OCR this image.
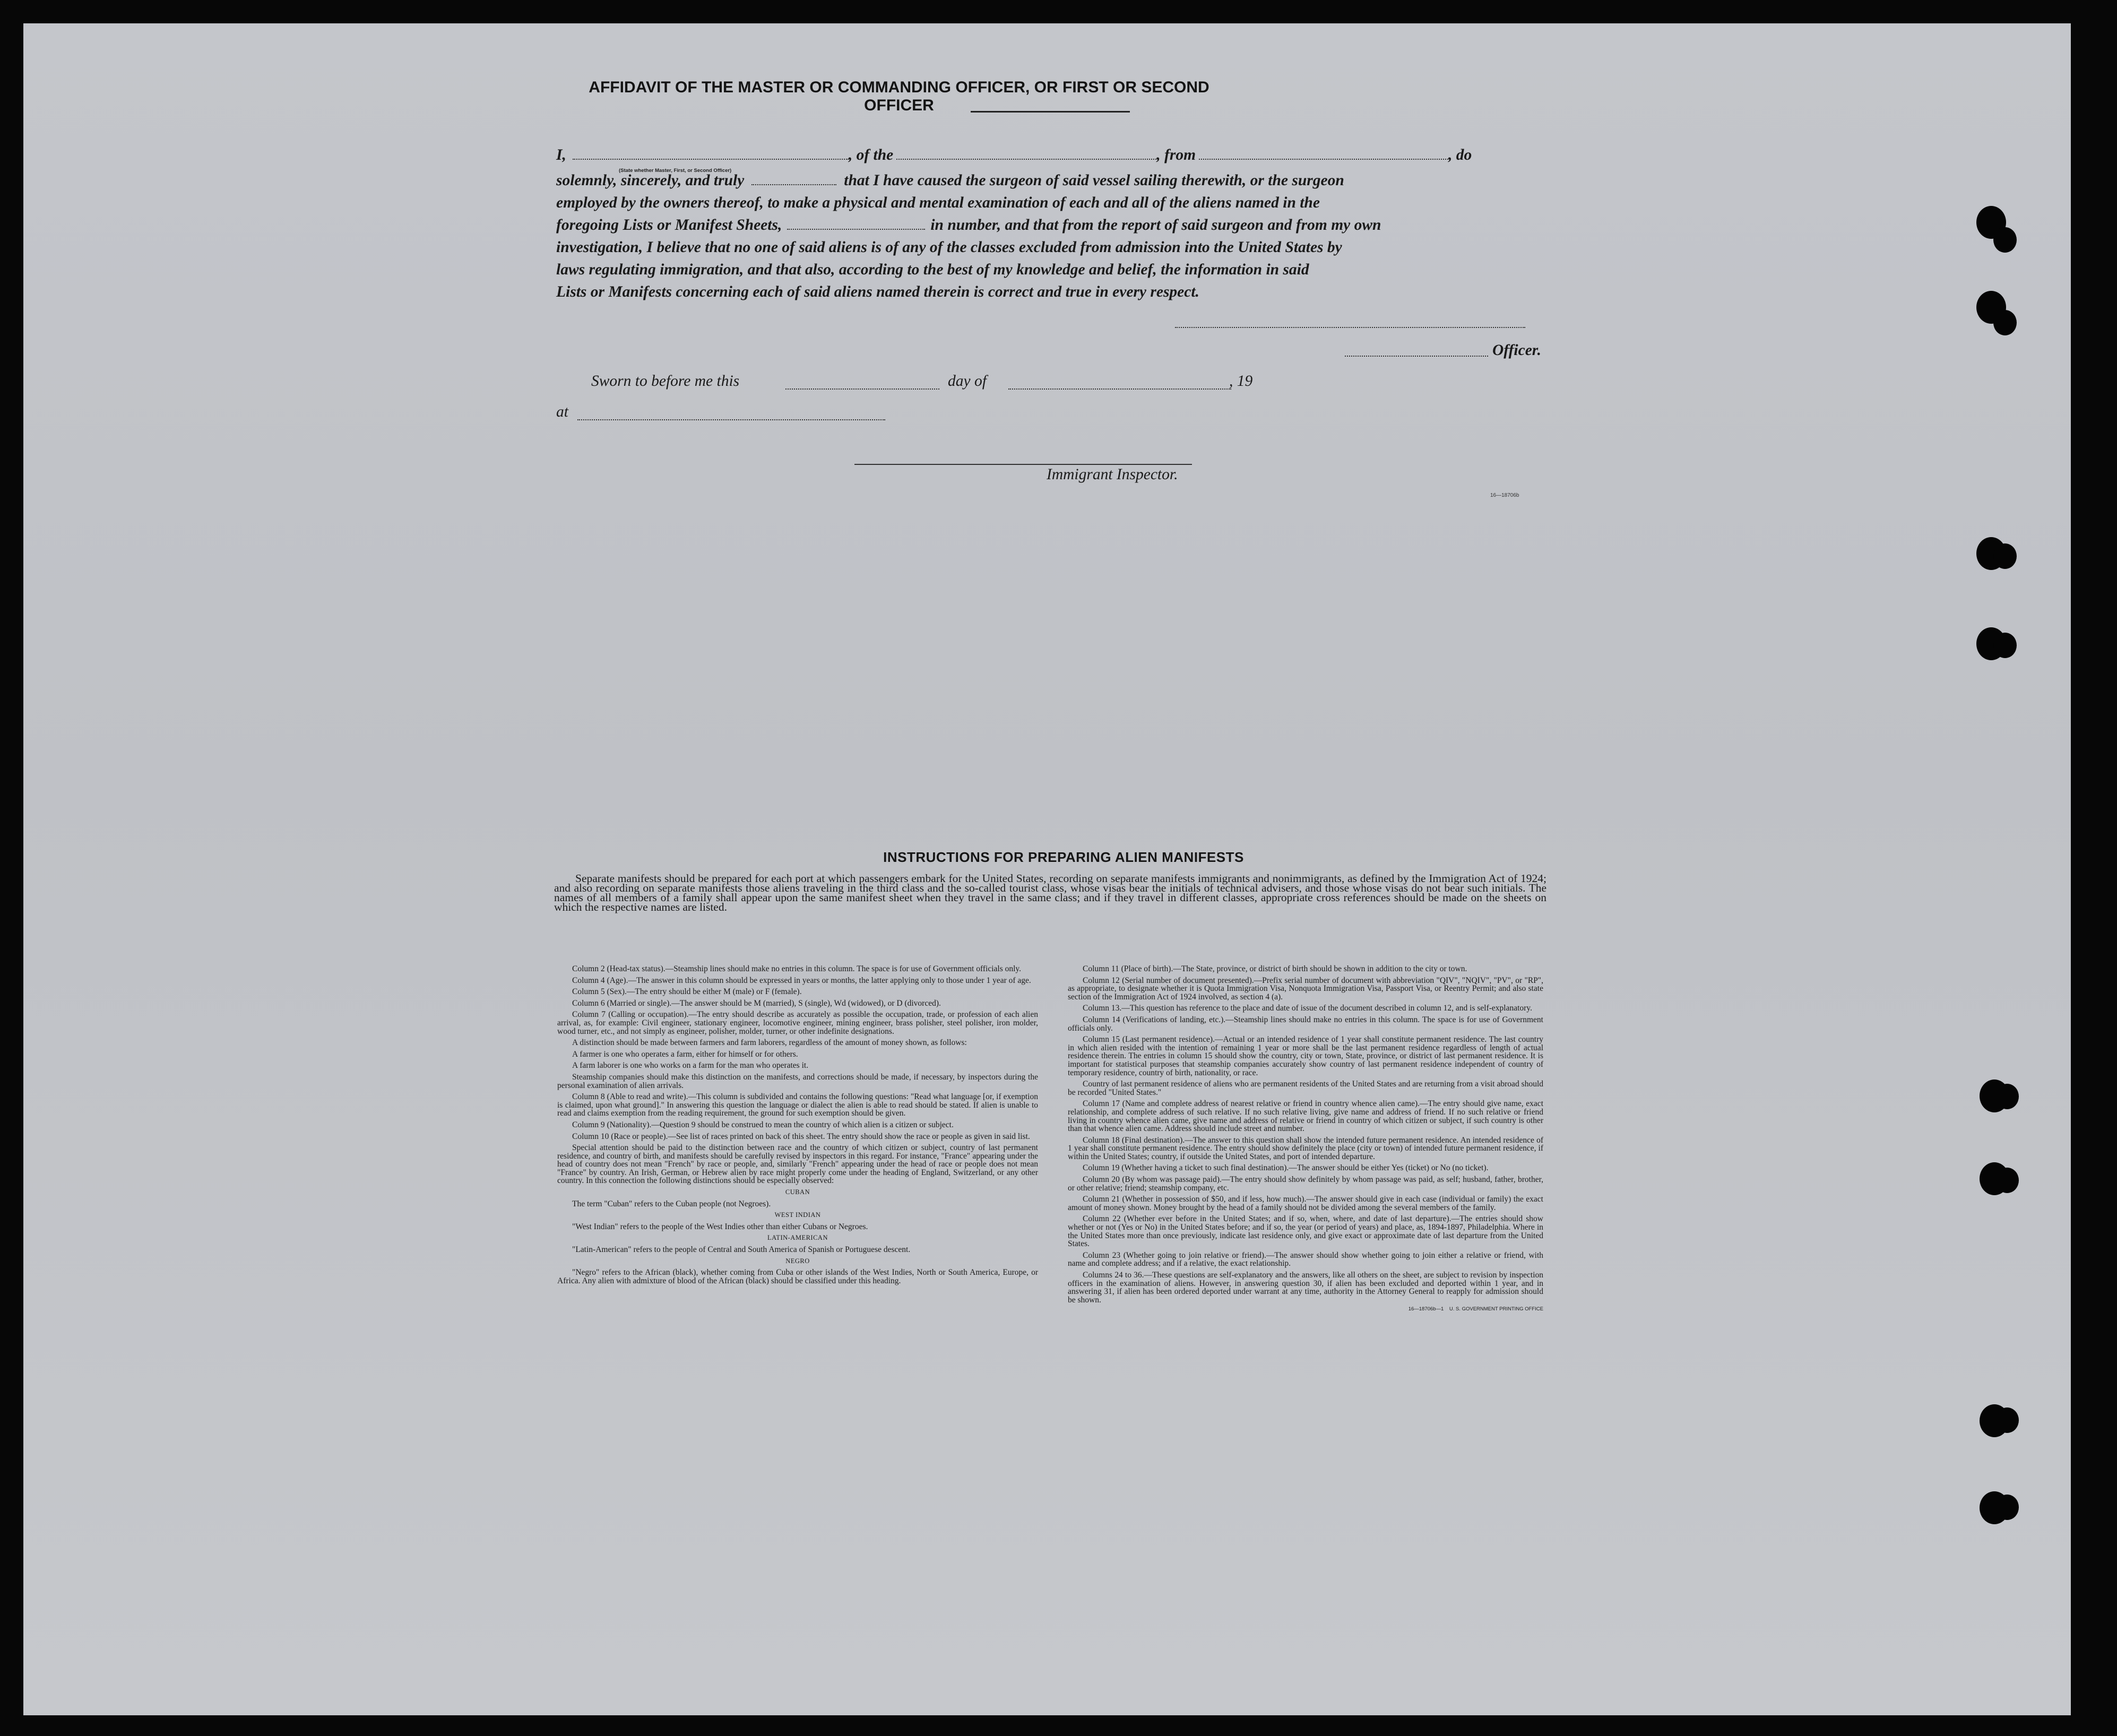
AFFIDAVIT OF THE MASTER OR COMMANDING OFFICER, OR FIRST OR SECOND OFFICER
I,	, of the	, from	, do
(State whether Master, First, or Second Officer)
solemnly, sincerely, and truly	that I have caused the surgeon of said vessel sailing therewith, or the surgeon
employed by the owners thereof, to make a physical and mental examination of each and all of the aliens named in the
foregoing Lists or Manifest Sheets,	in number, and that from the report of said surgeon and from my own
investigation, I believe that no one of said aliens is of any of the classes excluded from admission into the United States by
laws regulating immigration, and that also, according to the best of my knowledge and belief, the information in said
Lists or Manifests concerning each of said aliens named therein is correct and true in every respect.
Officer.
Sworn to before me this	day of	, 19
at
Immigrant Inspector.
16—18706b
INSTRUCTIONS FOR PREPARING ALIEN MANIFESTS
Separate manifests should be prepared for each port at which passengers embark for the United States, recording on separate manifests immigrants and nonimmigrants, as defined by the Immigration Act of 1924; and also recording on separate manifests those aliens traveling in the third class and the so-called tourist class, whose visas bear the initials of technical advisers, and those whose visas do not bear such initials. The names of all members of a family shall appear upon the same manifest sheet when they travel in the same class; and if they travel in different classes, appropriate cross references should be made on the sheets on which the respective names are listed.

Column 2 (Head-tax status).—Steamship lines should make no entries in this column. The space is for use of Government officials only.

Column 4 (Age).—The answer in this column should be expressed in years or months, the latter applying only to those under 1 year of age.

Column 5 (Sex).—The entry should be either M (male) or F (female).

Column 6 (Married or single).—The answer should be M (married), S (single), Wd (widowed), or D (divorced).

Column 7 (Calling or occupation).—The entry should describe as accurately as possible the occupation, trade, or profession of each alien arrival, as, for example: Civil engineer, stationary engineer, locomotive engineer, mining engineer, brass polisher, steel polisher, iron molder, wood turner, etc., and not simply as engineer, polisher, molder, turner, or other indefinite designations.

A distinction should be made between farmers and farm laborers, regardless of the amount of money shown, as follows:

A farmer is one who operates a farm, either for himself or for others.

A farm laborer is one who works on a farm for the man who operates it.

Steamship companies should make this distinction on the manifests, and corrections should be made, if necessary, by inspectors during the personal examination of alien arrivals.

Column 8 (Able to read and write).—This column is subdivided and contains the following questions: "Read what language [or, if exemption is claimed, upon what ground]." In answering this question the language or dialect the alien is able to read should be stated. If alien is unable to read and claims exemption from the reading requirement, the ground for such exemption should be given.

Column 9 (Nationality).—Question 9 should be construed to mean the country of which alien is a citizen or subject.

Column 10 (Race or people).—See list of races printed on back of this sheet. The entry should show the race or people as given in said list.

Special attention should be paid to the distinction between race and the country of which citizen or subject, country of last permanent residence, and country of birth, and manifests should be carefully revised by inspectors in this regard. For instance, "France" appearing under the head of country does not mean "French" by race or people, and, similarly "French" appearing under the head of race or people does not mean "France" by country. An Irish, German, or Hebrew alien by race might properly come under the heading of England, Switzerland, or any other country. In this connection the following distinctions should be especially observed:

CUBAN

The term "Cuban" refers to the Cuban people (not Negroes).

WEST INDIAN

"West Indian" refers to the people of the West Indies other than either Cubans or Negroes.

LATIN-AMERICAN

"Latin-American" refers to the people of Central and South America of Spanish or Portuguese descent.

NEGRO

"Negro" refers to the African (black), whether coming from Cuba or other islands of the West Indies, North or South America, Europe, or Africa. Any alien with admixture of blood of the African (black) should be classified under this heading.

Column 11 (Place of birth).—The State, province, or district of birth should be shown in addition to the city or town.

Column 12 (Serial number of document presented).—Prefix serial number of document with abbreviation "QIV", "NQIV", "PV", or "RP", as appropriate, to designate whether it is Quota Immigration Visa, Nonquota Immigration Visa, Passport Visa, or Reentry Permit; and also state section of the Immigration Act of 1924 involved, as section 4 (a).

Column 13.—This question has reference to the place and date of issue of the document described in column 12, and is self-explanatory.

Column 14 (Verifications of landing, etc.).—Steamship lines should make no entries in this column. The space is for use of Government officials only.

Column 15 (Last permanent residence).—Actual or an intended residence of 1 year shall constitute permanent residence. The last country in which alien resided with the intention of remaining 1 year or more shall be the last permanent residence regardless of length of actual residence therein. The entries in column 15 should show the country, city or town, State, province, or district of last permanent residence. It is important for statistical purposes that steamship companies accurately show country of last permanent residence independent of country of temporary residence, country of birth, nationality, or race.

Country of last permanent residence of aliens who are permanent residents of the United States and are returning from a visit abroad should be recorded "United States."

Column 17 (Name and complete address of nearest relative or friend in country whence alien came).—The entry should give name, exact relationship, and complete address of such relative. If no such relative living, give name and address of friend. If no such relative or friend living in country whence alien came, give name and address of relative or friend in country of which citizen or subject, if such country is other than that whence alien came. Address should include street and number.

Column 18 (Final destination).—The answer to this question shall show the intended future permanent residence. An intended residence of 1 year shall constitute permanent residence. The entry should show definitely the place (city or town) of intended future permanent residence, if within the United States; country, if outside the United States, and port of intended departure.

Column 19 (Whether having a ticket to such final destination).—The answer should be either Yes (ticket) or No (no ticket).

Column 20 (By whom was passage paid).—The entry should show definitely by whom passage was paid, as self; husband, father, brother, or other relative; friend; steamship company, etc.

Column 21 (Whether in possession of $50, and if less, how much).—The answer should give in each case (individual or family) the exact amount of money shown. Money brought by the head of a family should not be divided among the several members of the family.

Column 22 (Whether ever before in the United States; and if so, when, where, and date of last departure).—The entries should show whether or not (Yes or No) in the United States before; and if so, the year (or period of years) and place, as, 1894-1897, Philadelphia. Where in the United States more than once previously, indicate last residence only, and give exact or approximate date of last departure from the United States.

Column 23 (Whether going to join relative or friend).—The answer should show whether going to join either a relative or friend, with name and complete address; and if a relative, the exact relationship.

Columns 24 to 36.—These questions are self-explanatory and the answers, like all others on the sheet, are subject to revision by inspection officers in the examination of aliens. However, in answering question 30, if alien has been excluded and deported within 1 year, and in answering 31, if alien has been ordered deported under warrant at any time, authority in the Attorney General to reapply for admission should be shown.

16—18706b—1 U. S. GOVERNMENT PRINTING OFFICE
